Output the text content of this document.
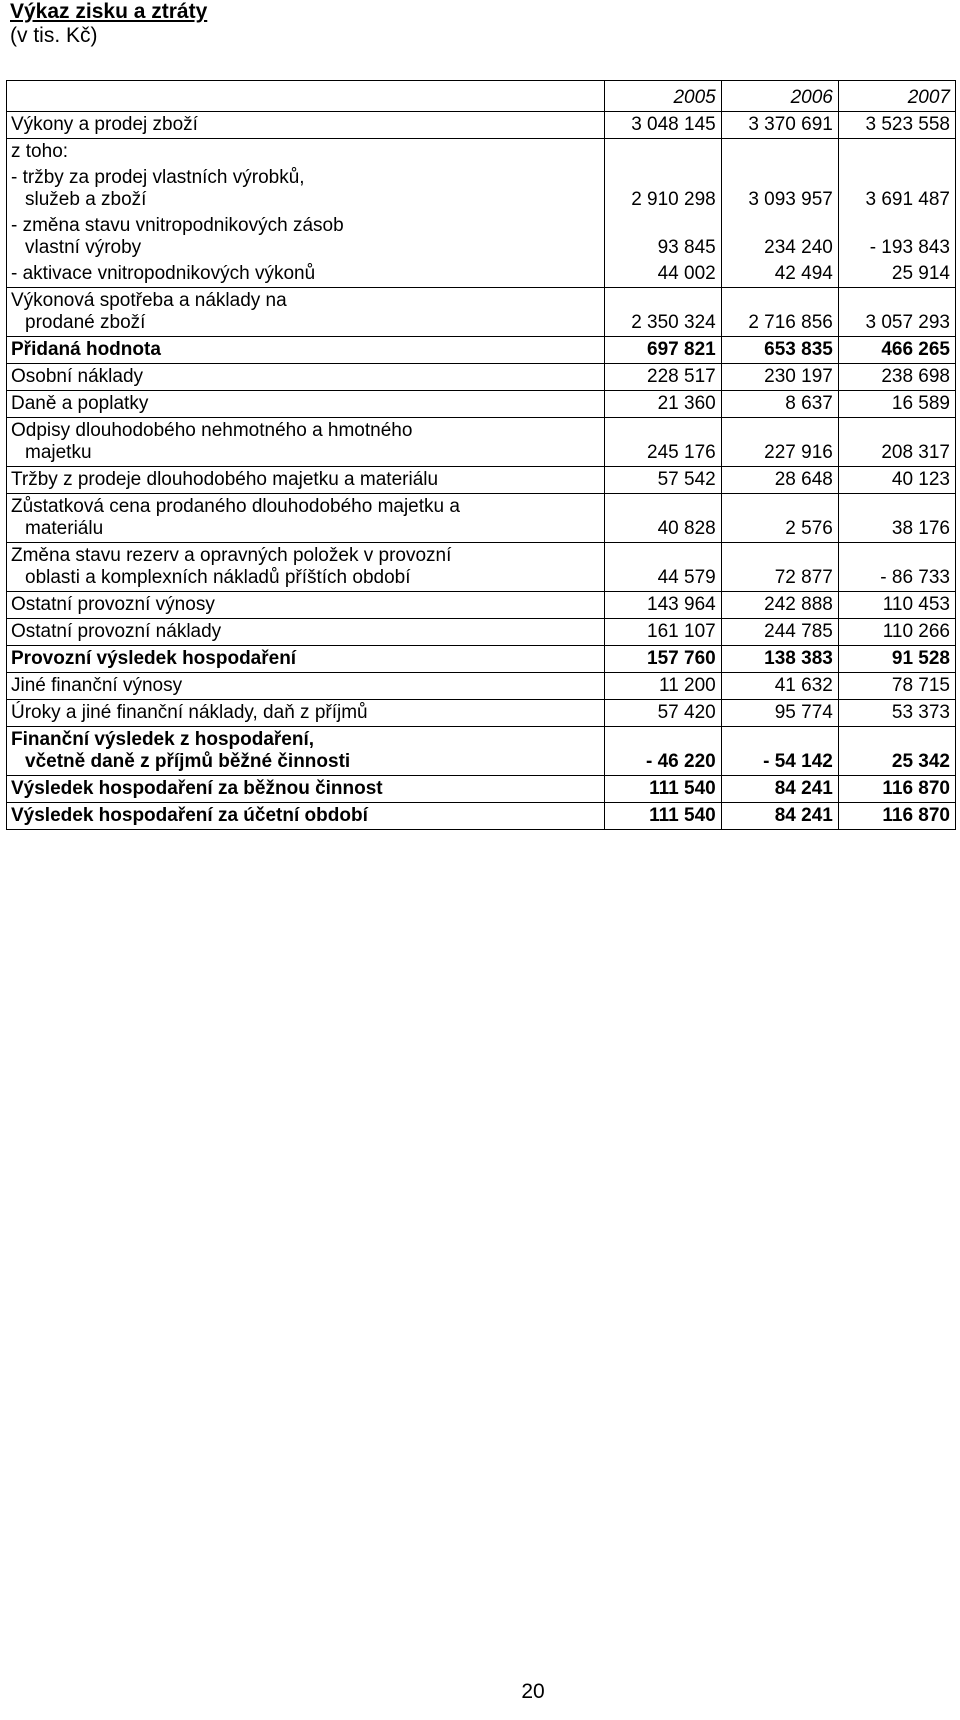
Výkaz zisku a ztráty
(v tis. Kč)
	2005	2006	2007

Výkony a prodej zboží	3 048 145	3 370 691	3 523 558

z toho:			

- tržby za prodej vlastních výrobků,
služeb a zboží	2 910 298	3 093 957	3 691 487

- změna stavu vnitropodnikových zásob
vlastní výroby	93 845	234 240	- 193 843

- aktivace vnitropodnikových výkonů	44 002	42 494	25 914

Výkonová spotřeba a náklady na
prodané zboží	2 350 324	2 716 856	3 057 293

Přidaná hodnota	697 821	653 835	466 265

Osobní náklady	228 517	230 197	238 698

Daně a poplatky	21 360	8 637	16 589

Odpisy dlouhodobého nehmotného a hmotného
majetku	245 176	227 916	208 317

Tržby z prodeje dlouhodobého majetku a materiálu	57 542	28 648	40 123

Zůstatková cena prodaného dlouhodobého majetku a
materiálu	40 828	2 576	38 176

Změna stavu rezerv a opravných položek v provozní
oblasti a komplexních nákladů příštích období	44 579	72 877	- 86 733

Ostatní provozní výnosy	143 964	242 888	110 453

Ostatní provozní náklady	161 107	244 785	110 266

Provozní výsledek hospodaření	157 760	138 383	91 528

Jiné finanční výnosy	11 200	41 632	78 715

Úroky a jiné finanční náklady, daň z příjmů	57 420	95 774	53 373

Finanční výsledek z hospodaření,
včetně daně z příjmů běžné činnosti	- 46 220	- 54 142	25 342

Výsledek hospodaření za běžnou činnost	111 540	84 241	116 870

Výsledek hospodaření za účetní období	111 540	84 241	116 870
20
